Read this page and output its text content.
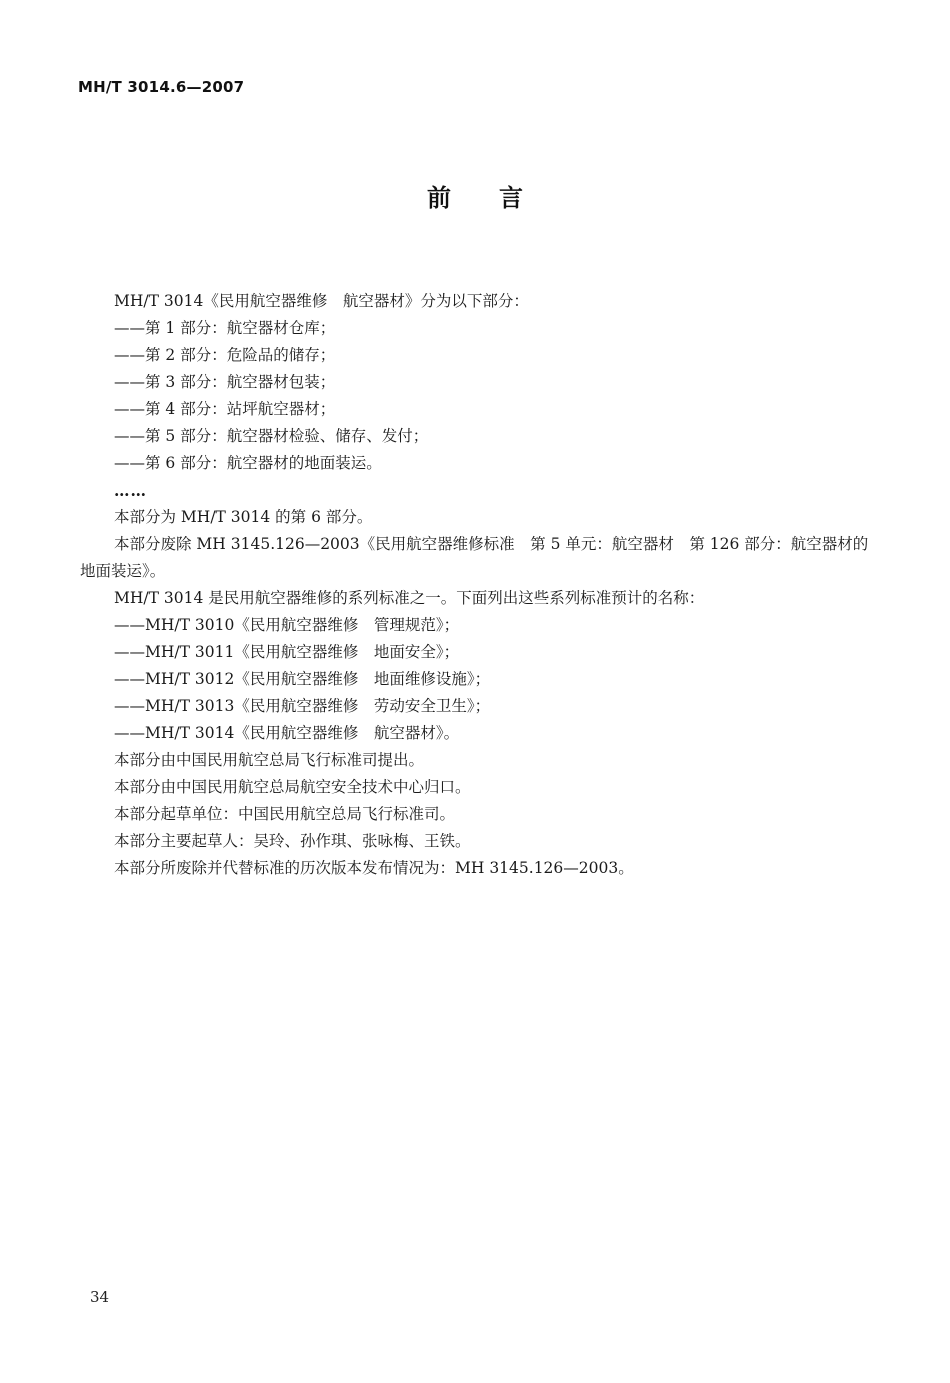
MH/T 3014.6—2007
前　　言

MH/T 3014《民用航空器维修　航空器材》分为以下部分：

——第 1 部分：航空器材仓库；

——第 2 部分：危险品的储存；

——第 3 部分：航空器材包装；

——第 4 部分：站坪航空器材；

——第 5 部分：航空器材检验、储存、发付；

——第 6 部分：航空器材的地面装运。

……

本部分为 MH/T 3014 的第 6 部分。

本部分废除 MH 3145.126—2003《民用航空器维修标准　第 5 单元：航空器材　第 126 部分：航空器材的地面装运》。

MH/T 3014 是民用航空器维修的系列标准之一。下面列出这些系列标准预计的名称：

——MH/T 3010《民用航空器维修　管理规范》；

——MH/T 3011《民用航空器维修　地面安全》；

——MH/T 3012《民用航空器维修　地面维修设施》；

——MH/T 3013《民用航空器维修　劳动安全卫生》；

——MH/T 3014《民用航空器维修　航空器材》。

本部分由中国民用航空总局飞行标准司提出。

本部分由中国民用航空总局航空安全技术中心归口。

本部分起草单位：中国民用航空总局飞行标准司。

本部分主要起草人：吴玲、孙作琪、张咏梅、王铁。

本部分所废除并代替标准的历次版本发布情况为：MH 3145.126—2003。

34
